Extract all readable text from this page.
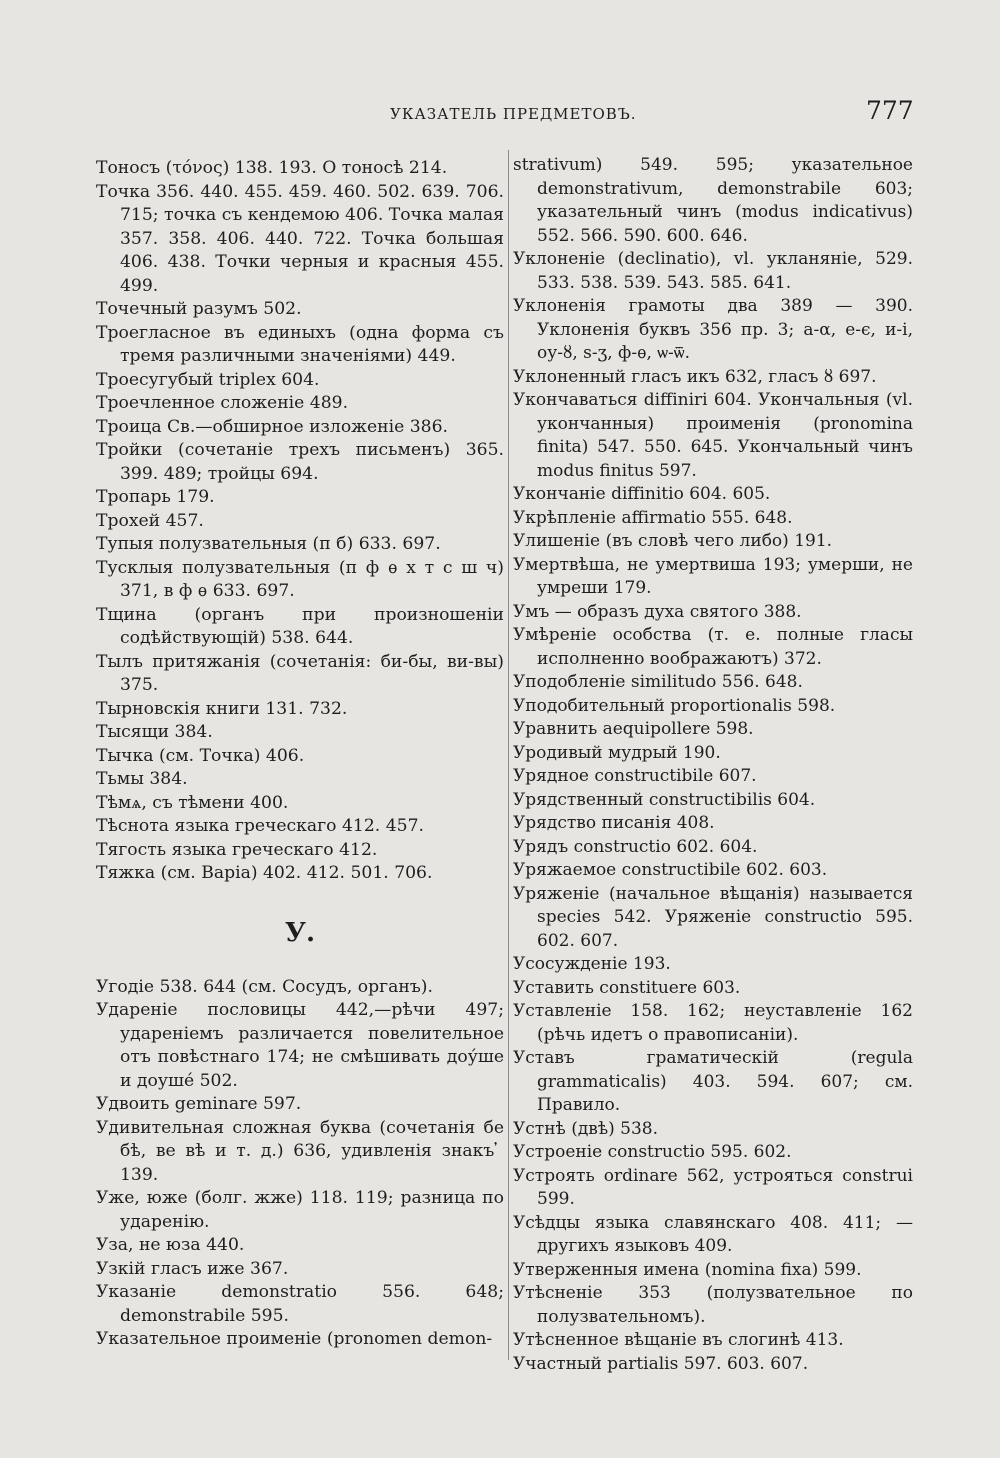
УКАЗАТЕЛЬ ПРЕДМЕТОВЪ.	777

Тоносъ (τόνος) 138. 193. О тоносѣ 214.

Точка 356. 440. 455. 459. 460. 502. 639. 706. 715; точка съ кендемою 406. Точка малая 357. 358. 406. 440. 722. Точка большая 406. 438. Точки черныя и красныя 455. 499.

Точечный разумъ 502.

Троегласное въ единыхъ (одна форма съ тремя различными значеніями) 449.

Троесугубый triplex 604.

Троечленное сложеніе 489.

Троица Св.—обширное изложеніе 386.

Тройки (сочетаніе трехъ письменъ) 365. 399. 489; тройцы 694.

Тропарь 179.

Трохей 457.

Тупыя полузвательныя (п б) 633. 697.

Тусклыя полузвательныя (п ф ѳ х т с ш ч) 371, в ф ѳ 633. 697.

Тщина (органъ при произношеніи содѣйствующій) 538. 644.

Тылъ притяжанія (сочетанія: би-бы, ви-вы) 375.

Тырновскія книги 131. 732.

Тысящи 384.

Тычка (см. Точка) 406.

Тьмы 384.

Тѣмѧ, съ тѣмени 400.

Тѣснота языка греческаго 412. 457.

Тягость языка греческаго 412.

Тяжка (см. Варіа) 402. 412. 501. 706.

У.

Угодіе 538. 644 (см. Сосудъ, органъ).

Удареніе пословицы 442,—рѣчи 497; удареніемъ различается повелительное отъ повѣстнаго 174; не смѣшивать доу́ше и доуше́ 502.

Удвоить geminare 597.

Удивительная сложная буква (сочетанія бе бѣ, ве вѣ и т. д.) 636, удивленія знакъ ̓ 139.

Уже, юже (болг. жже) 118. 119; разница по ударенію.

Уза, не юза 440.

Узкій гласъ иже 367.

Указаніе demonstratio 556. 648; demonstrabile 595.

Указательное проименіе (pronomen demon-

strativum) 549. 595; указательное demonstrativum, demonstrabile 603; указательный чинъ (modus indicativus) 552. 566. 590. 600. 646.

Уклоненіе (declinatio), vl. укланяніе, 529. 533. 538. 539. 543. 585. 641.

Уклоненія грамоты два 389 — 390. Уклоненія буквъ 356 пр. 3; а-α, е-є, и-і, оу-ȣ, s-ʒ, ф-ѳ, ѡ-ѿ.

Уклоненный гласъ икъ 632, гласъ ȣ 697.

Укончаваться diffiniri 604. Укончальныя (vl. укончанныя) проименія (pronomina finita) 547. 550. 645. Укончальный чинъ modus finitus 597.

Укончаніе diffinitio 604. 605.

Укрѣпленіе affirmatio 555. 648.

Улишеніе (въ словѣ чего либо) 191.

Умертвѣша, не умертвиша 193; умерши, не умреши 179.

Умъ — образъ духа святого 388.

Умѣреніе особства (т. е. полные гласы исполненно воображаютъ) 372.

Уподобленіе similitudo 556. 648.

Уподобительный proportionalis 598.

Уравнить aequipollere 598.

Уродивый мудрый 190.

Урядное constructibile 607.

Урядственный constructibilis 604.

Урядство писанія 408.

Урядъ constructio 602. 604.

Уряжаемое constructibile 602. 603.

Уряженіе (начальное вѣщанія) называется species 542. Уряженіе constructio 595. 602. 607.

Усосужденіе 193.

Уставить constituere 603.

Уставленіе 158. 162; неуставленіе 162 (рѣчь идетъ о правописаніи).

Уставъ граматическій (regula grammaticalis) 403. 594. 607; см. Правило.

Устнѣ (двѣ) 538.

Устроеніе constructio 595. 602.

Устроять ordinare 562, устрояться construi 599.

Усѣдцы языка славянскаго 408. 411; — другихъ языковъ 409.

Утверженныя имена (nomina fixa) 599.

Утѣсненіе 353 (полузвательное по полузвательномъ).

Утѣсненное вѣщаніе въ слогинѣ 413.

Участный partialis 597. 603. 607.
